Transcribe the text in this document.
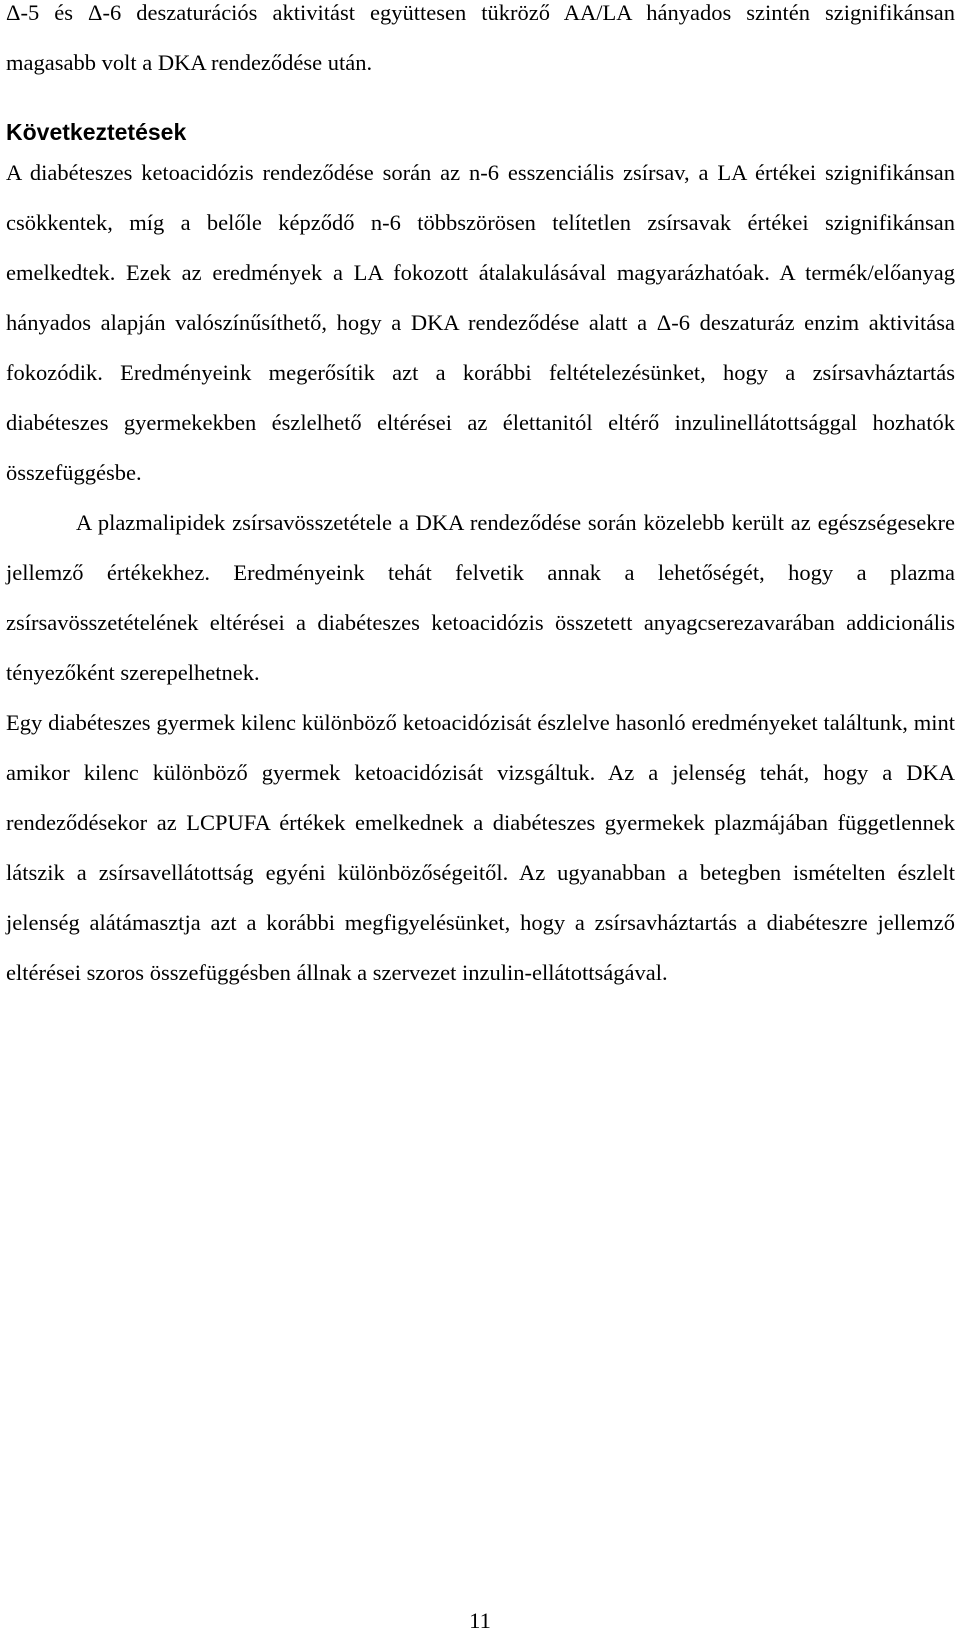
Δ-5 és Δ-6 deszaturációs aktivitást együttesen tükröző AA/LA hányados szintén szignifikánsan magasabb volt a DKA rendeződése után.

Következtetések

A diabéteszes ketoacidózis rendeződése során az n-6 esszenciális zsírsav, a LA értékei szignifikánsan csökkentek, míg a belőle képződő n-6 többszörösen telítetlen zsírsavak értékei szignifikánsan emelkedtek. Ezek az eredmények a LA fokozott átalakulásával magyarázhatóak. A termék/előanyag hányados alapján valószínűsíthető, hogy a DKA rendeződése alatt a Δ-6 deszaturáz enzim aktivitása fokozódik. Eredményeink megerősítik azt a korábbi feltételezésünket, hogy a zsírsavháztartás diabéteszes gyermekekben észlelhető eltérései az élettanitól eltérő inzulinellátottsággal hozhatók összefüggésbe.

A plazmalipidek zsírsavösszetétele a DKA rendeződése során közelebb került az egészségesekre jellemző értékekhez. Eredményeink tehát felvetik annak a lehetőségét, hogy a plazma zsírsavösszetételének eltérései a diabéteszes ketoacidózis összetett anyagcserezavarában addicionális tényezőként szerepelhetnek.

Egy diabéteszes gyermek kilenc különböző ketoacidózisát észlelve hasonló eredményeket találtunk, mint amikor kilenc különböző gyermek ketoacidózisát vizsgáltuk. Az a jelenség tehát, hogy a DKA rendeződésekor az LCPUFA értékek emelkednek a diabéteszes gyermekek plazmájában függetlennek látszik a zsírsavellátottság egyéni különbözőségeitől. Az ugyanabban a betegben ismételten észlelt jelenség alátámasztja azt a korábbi megfigyelésünket, hogy a zsírsavháztartás a diabéteszre jellemző eltérései szoros összefüggésben állnak a szervezet inzulin-ellátottságával.

11
